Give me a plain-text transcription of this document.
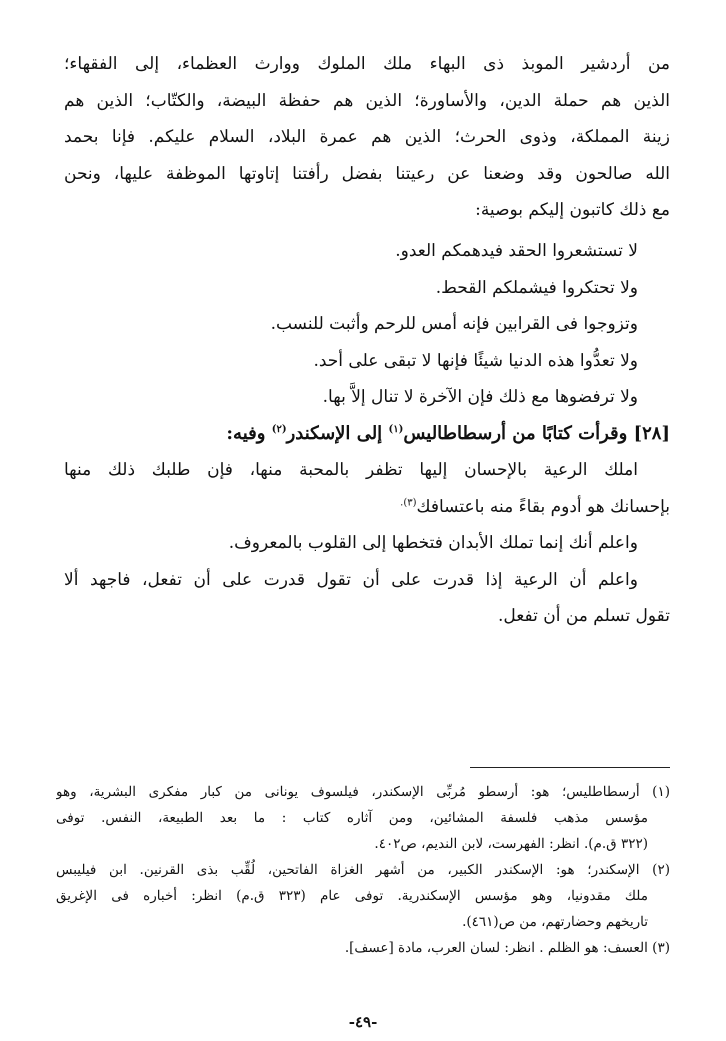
من أردشير الموبذ ذى البهاء ملك الملوك ووارث العظماء، إلى الفقهاء؛

الذين هم حملة الدين، والأساورة؛ الذين هم حفظة البيضة، والكتّاب؛ الذين هم

زينة المملكة، وذوى الحرث؛ الذين هم عمرة البلاد، السلام عليكم. فإنا بحمد

الله صالحون وقد وضعنا عن رعيتنا بفضل رأفتنا إتاوتها الموظفة عليها، ونحن

مع ذلك كاتبون إليكم بوصية:

لا تستشعروا الحقد فيدهمكم العدو.

ولا تحتكروا فيشملكم القحط.

وتزوجوا فى القرابين فإنه أمس للرحم وأثبت للنسب.

ولا تعدُّوا هذه الدنيا شيئًا فإنها لا تبقى على أحد.

ولا ترفضوها مع ذلك فإن الآخرة لا تنال إلاَّ بها.

[٢٨] وقرأت كتابًا من أرسطاطاليس$^{(١)}$ إلى الإسكندر$^{(٢)}$ وفيه:

املك الرعية بالإحسان إليها تظفر بالمحبة منها، فإن طلبك ذلك منها

بإحسانك هو أدوم بقاءً منه باعتسافك$^{(٣).}$

واعلم أنك إنما تملك الأبدان فتخطها إلى القلوب بالمعروف.

واعلم أن الرعية إذا قدرت على أن تقول قدرت على أن تفعل، فاجهد ألا

تقول تسلم من أن تفعل.

(١) أرسطاطليس؛ هو: أرسطو مُربِّى الإسكندر، فيلسوف يونانى من كبار مفكرى البشرية، وهو

مؤسس مذهب فلسفة المشائين، ومن آثاره كتاب : ما بعد الطبيعة، النفس. توفى

(٣٢٢ ق.م). انظر: الفهرست، لابن النديم، ص٤٠٢.

(٢) الإسكندر؛ هو: الإسكندر الكبير، من أشهر الغزاة الفاتحين، لُقِّب بذى القرنين. ابن فيليبس

ملك مقدونيا، وهو مؤسس الإسكندرية. توفى عام (٣٢٣ ق.م) انظر: أخباره فى الإغريق

تاريخهم وحضارتهم، من ص(٤٦١).

(٣) العسف: هو الظلم . انظر: لسان العرب، مادة [عسف].

-٤٩-
